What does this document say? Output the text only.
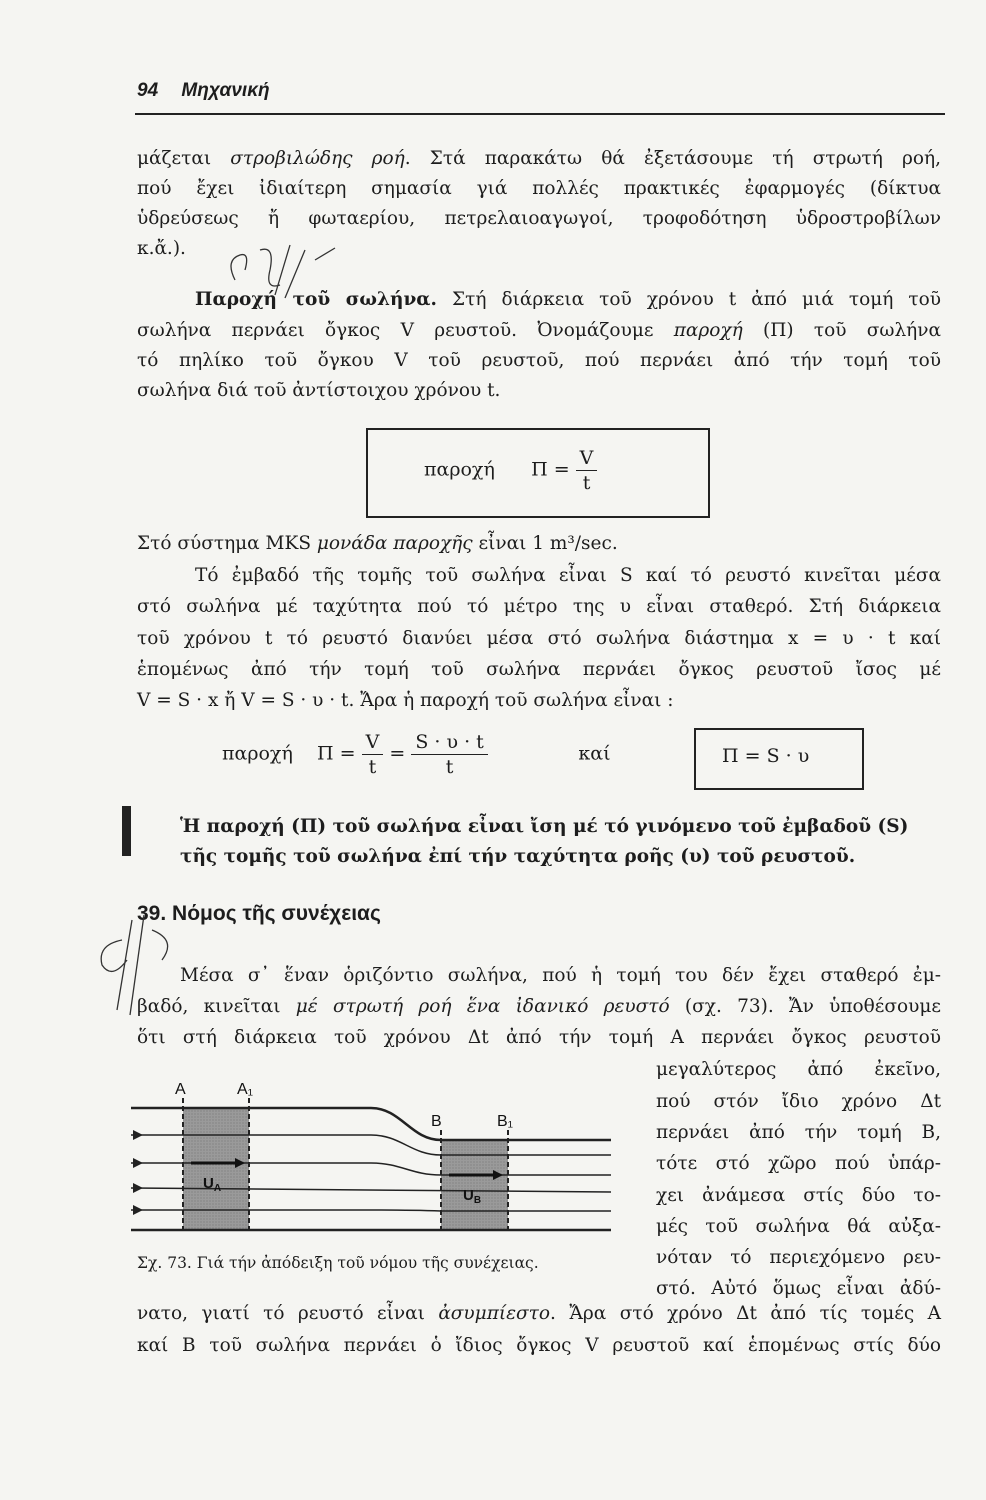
94 Μηχανική
μάζεται στροβιλώδης ροή. Στά παρακάτω θά ἐξετάσουμε τή στρωτή ροή,
πού ἔχει ἰδιαίτερη σημασία γιά πολλές πρακτικές ἐφαρμογές (δίκτυα
ὑδρεύσεως ἤ φωταερίου, πετρελαιοαγωγοί, τροφοδότηση ὑδροστροβίλων
κ.ἄ.).
Παροχή τοῦ σωλήνα. Στή διάρκεια τοῦ χρόνου t ἀπό μιά τομή τοῦ
σωλήνα περνάει ὄγκος V ρευστοῦ. Ὀνομάζουμε παροχή (Π) τοῦ σωλήνα
τό πηλίκο τοῦ ὄγκου V τοῦ ρευστοῦ, πού περνάει ἀπό τήν τομή τοῦ
σωλήνα διά τοῦ ἀντίστοιχου χρόνου t.
παροχή $\Pi = \frac{V}{t}$
Στό σύστημα MKS μονάδα παροχῆς εἶναι 1 m³/sec.
Τό ἐμβαδό τῆς τομῆς τοῦ σωλήνα εἶναι S καί τό ρευστό κινεῖται μέσα
στό σωλήνα μέ ταχύτητα πού τό μέτρο της υ εἶναι σταθερό. Στή διάρκεια
τοῦ χρόνου t τό ρευστό διανύει μέσα στό σωλήνα διάστημα x = υ · t καί
ἑπομένως ἀπό τήν τομή τοῦ σωλήνα περνάει ὄγκος ρευστοῦ ἴσος μέ
V = S · x ἤ V = S · υ · t. Ἄρα ἡ παροχή τοῦ σωλήνα εἶναι :
παροχή $\Pi = \frac{V}{t} = \frac{S \cdot \upsilon \cdot t}{t}$	καί	Π = S · υ
Ἡ παροχή (Π) τοῦ σωλήνα εἶναι ἴση μέ τό γινόμενο τοῦ ἐμβαδοῦ (S)
τῆς τομῆς τοῦ σωλήνα ἐπί τήν ταχύτητα ροῆς (υ) τοῦ ρευστοῦ.
39. Νόμος τῆς συνέχειας
Μέσα σ᾿ ἕναν ὁριζόντιο σωλήνα, πού ἡ τομή του δέν ἔχει σταθερό ἐμ-
βαδό, κινεῖται μέ στρωτή ροή ἕνα ἰδανικό ρευστό (σχ. 73). Ἄν ὑποθέσουμε
ὅτι στή διάρκεια τοῦ χρόνου Δt ἀπό τήν τομή A περνάει ὄγκος ρευστοῦ
μεγαλύτερος ἀπό ἐκεῖνο,
πού στόν ἴδιο χρόνο Δt
περνάει ἀπό τήν τομή B,
τότε στό χῶρο πού ὑπάρ-
χει ἀνάμεσα στίς δύο το-
μές τοῦ σωλήνα θά αὐξα-
νόταν τό περιεχόμενο ρευ-
στό. Αὐτό ὅμως εἶναι ἀδύ-
A	A₁
B	B₁
$U_A$	$U_B$
Σχ. 73. Γιά τήν ἀπόδειξη τοῦ νόμου τῆς συνέχειας.
νατο, γιατί τό ρευστό εἶναι ἀσυμπίεστο. Ἄρα στό χρόνο Δt ἀπό τίς τομές A
καί B τοῦ σωλήνα περνάει ὁ ἴδιος ὄγκος V ρευστοῦ καί ἑπομένως στίς δύο
